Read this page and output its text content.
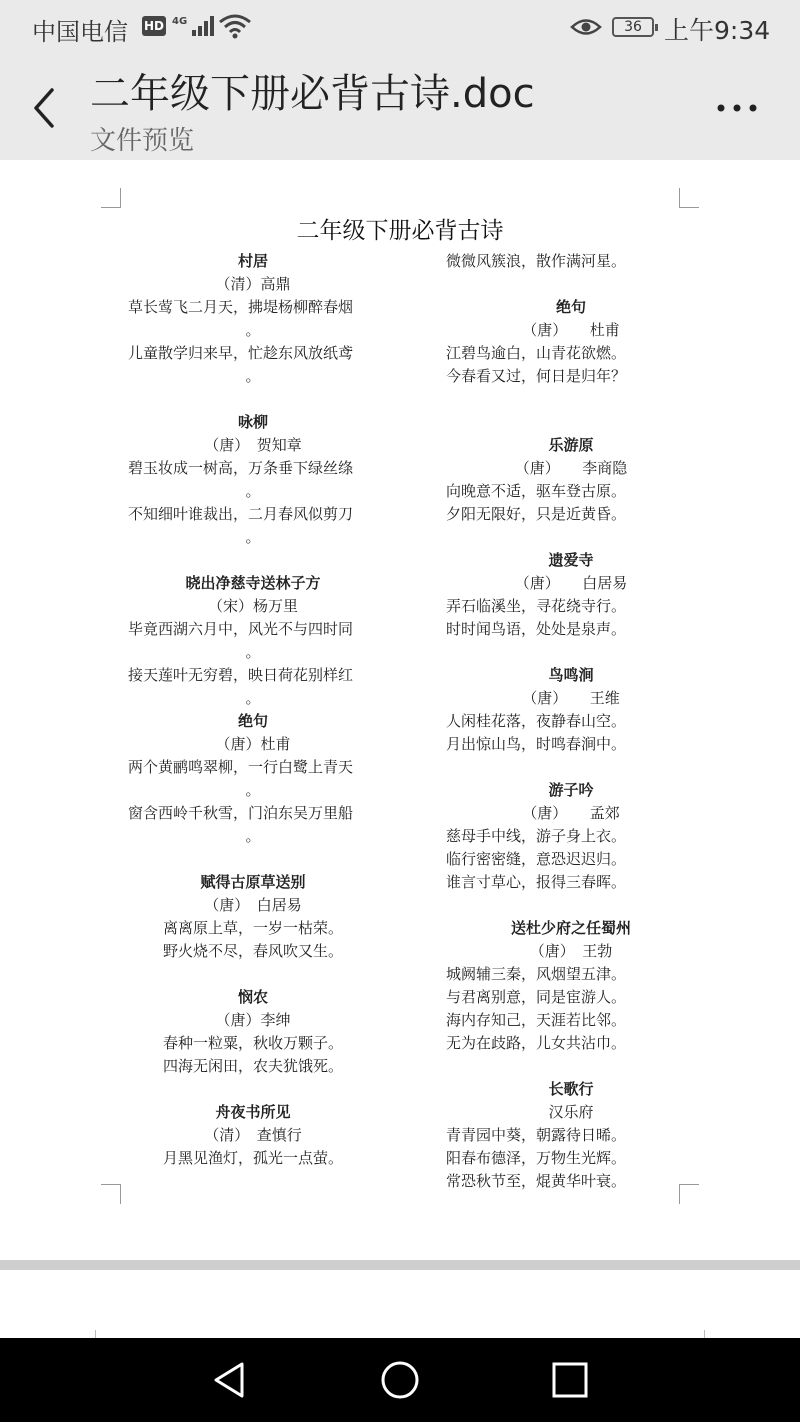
中国电信 HD 4G	36 上午9:34
二年级下册必背古诗.doc
文件预览
二年级下册必背古诗
村居
（清）高鼎
草长莺飞二月天，拂堤杨柳醉春烟
。
儿童散学归来早，忙趁东风放纸鸢
。
咏柳
（唐）　贺知章
碧玉妆成一树高，万条垂下绿丝绦
。
不知细叶谁裁出，二月春风似剪刀
。
晓出净慈寺送林子方
（宋）杨万里
毕竟西湖六月中，风光不与四时同
。
接天莲叶无穷碧，映日荷花别样红
。
绝句
（唐）杜甫
两个黄鹂鸣翠柳，一行白鹭上青天
。
窗含西岭千秋雪，门泊东吴万里船
。
赋得古原草送别
（唐）　白居易
离离原上草，一岁一枯荣。
野火烧不尽，春风吹又生。
悯农
（唐）李绅
春种一粒粟，秋收万颗子。
四海无闲田，农夫犹饿死。
舟夜书所见
（清）　查慎行
月黑见渔灯，孤光一点萤。
微微风簇浪，散作满河星。
绝句
（唐）　　杜甫
江碧鸟逾白，山青花欲燃。
今春看又过，何日是归年？
乐游原
（唐）　　李商隐
向晚意不适，驱车登古原。
夕阳无限好，只是近黄昏。
遗爱寺
（唐）　　白居易
弄石临溪坐，寻花绕寺行。
时时闻鸟语，处处是泉声。
鸟鸣涧
（唐）　　王维
人闲桂花落，夜静春山空。
月出惊山鸟，时鸣春涧中。
游子吟
（唐）　　孟郊
慈母手中线，游子身上衣。
临行密密缝，意恐迟迟归。
谁言寸草心，报得三春晖。
送杜少府之任蜀州
（唐）　王勃
城阙辅三秦，风烟望五津。
与君离别意，同是宦游人。
海内存知己，天涯若比邻。
无为在歧路，儿女共沾巾。
长歌行
汉乐府
青青园中葵，朝露待日晞。
阳春布德泽，万物生光辉。
常恐秋节至，焜黄华叶衰。
